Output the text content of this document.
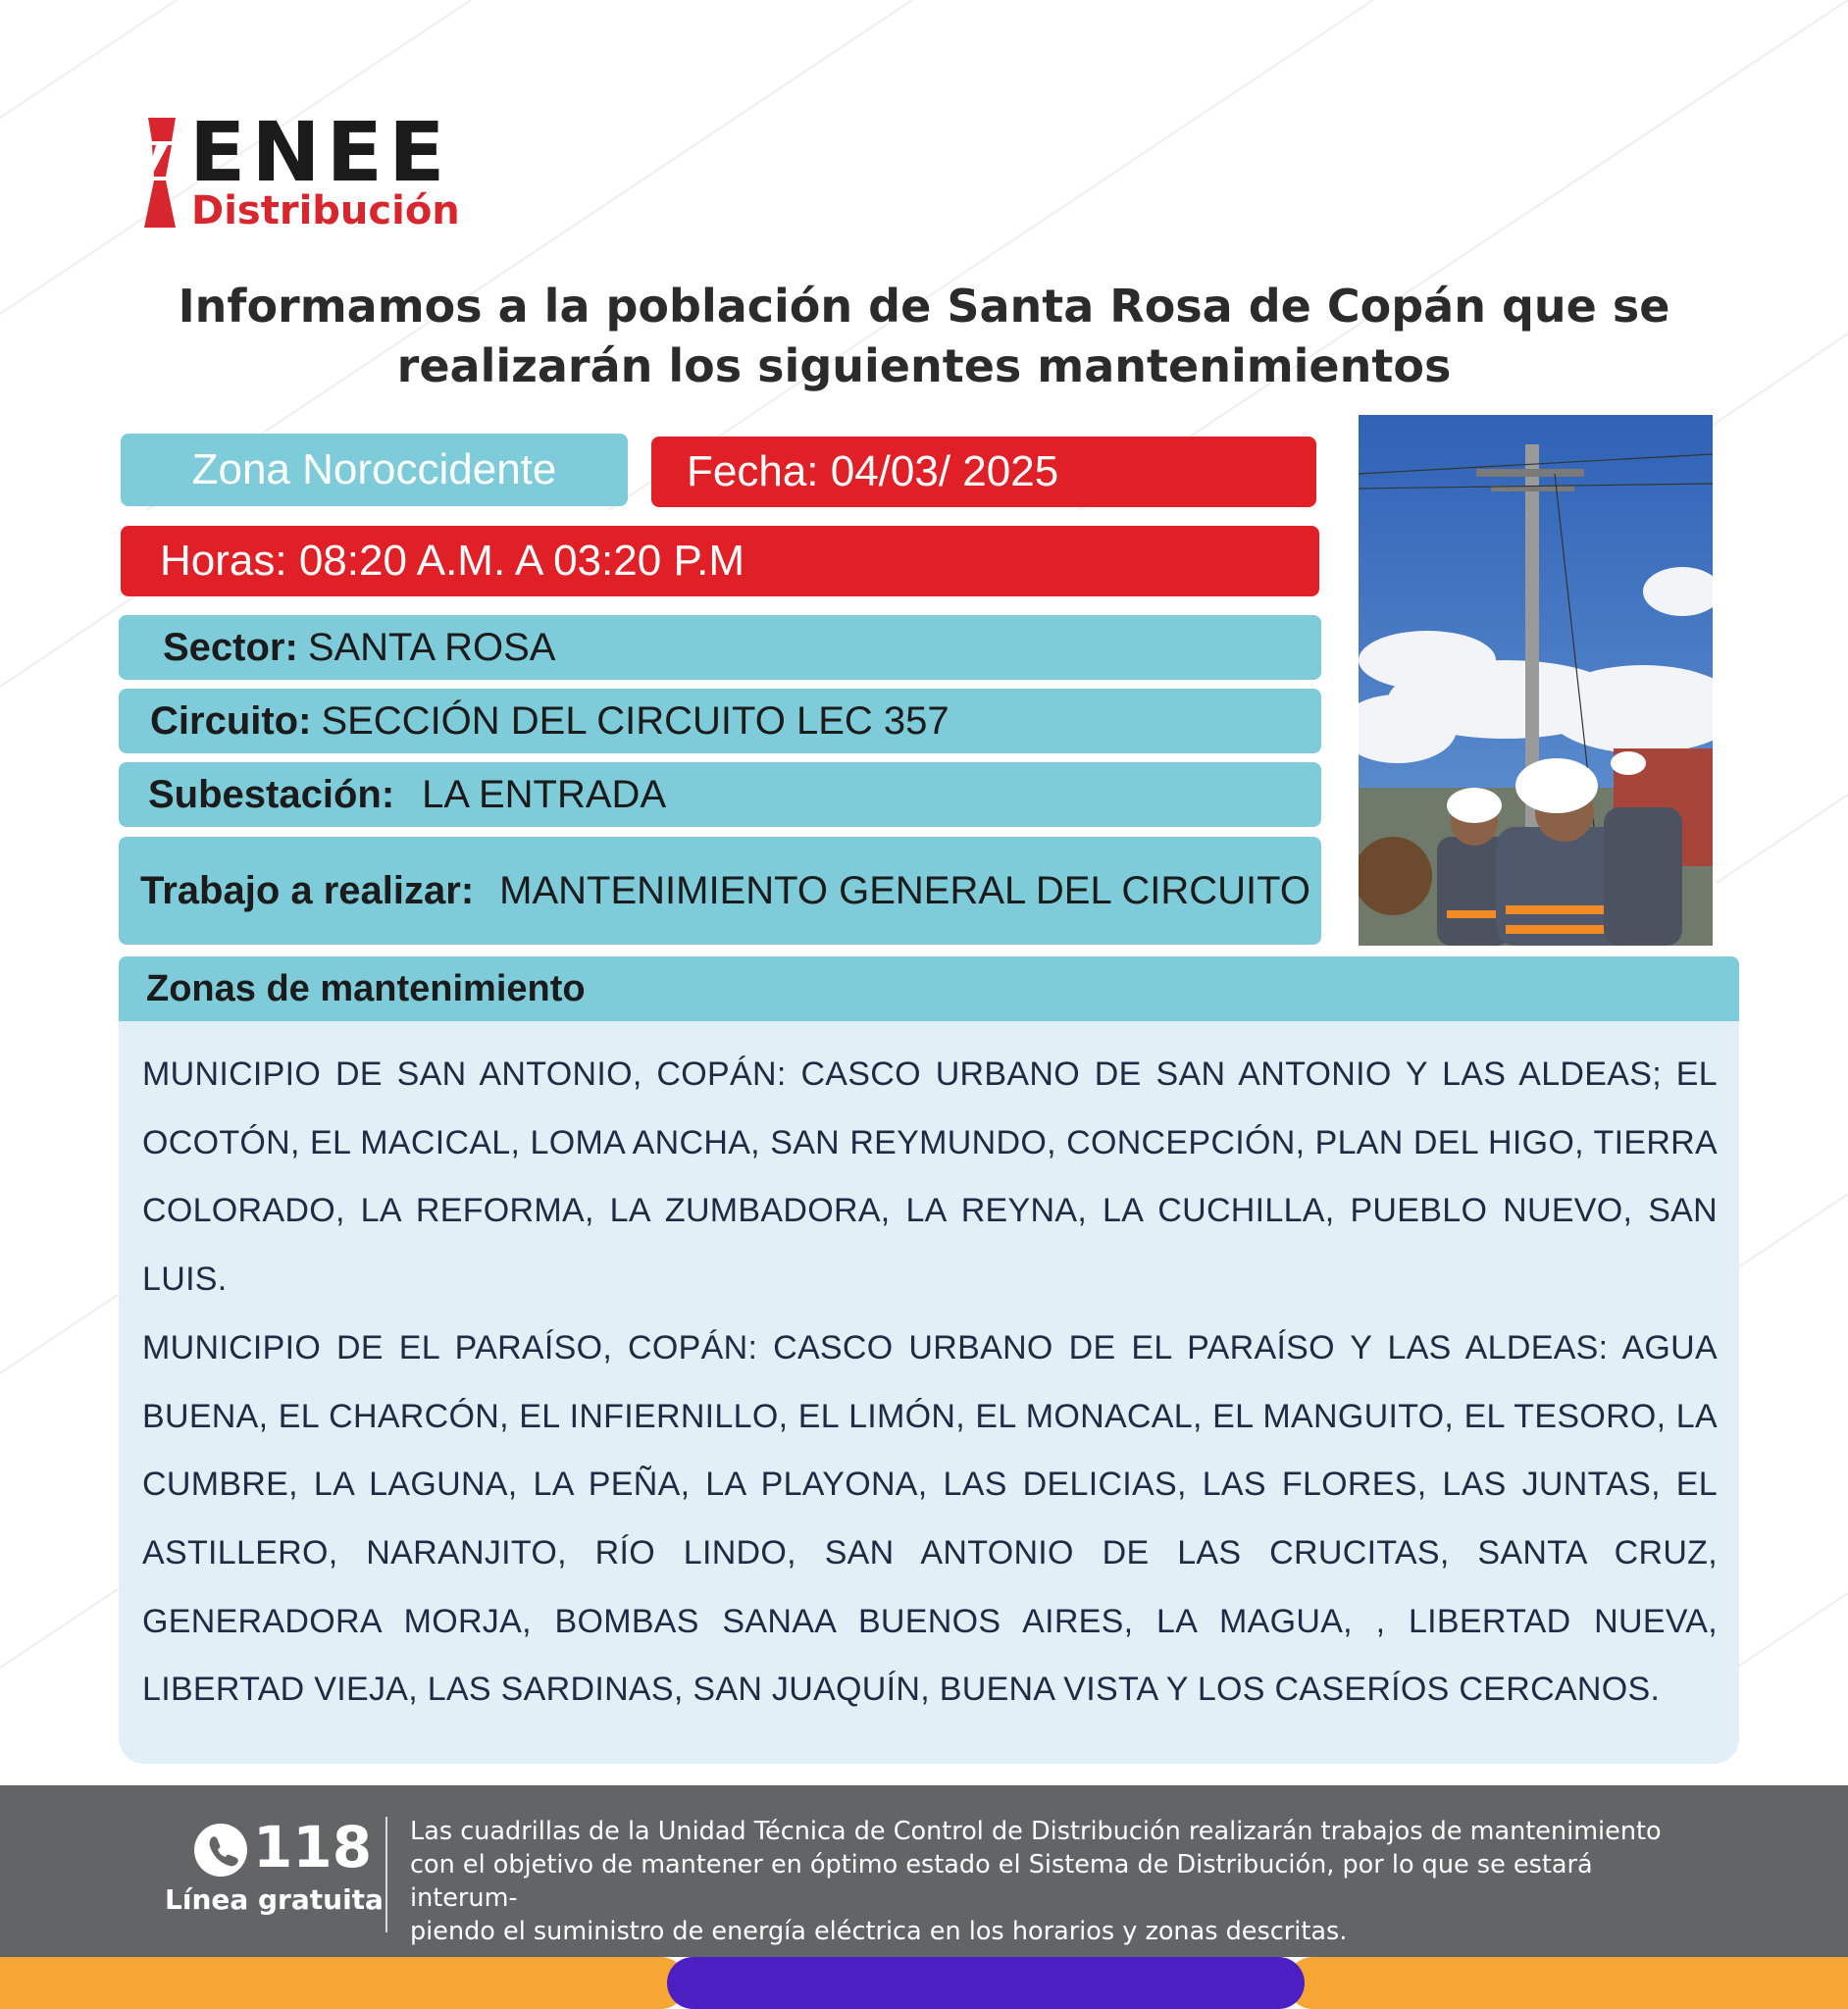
ENEE
Distribución
Informamos a la población de Santa Rosa de Copán que se
realizarán los siguientes mantenimientos
Zona Noroccidente	Fecha: 04/03/ 2025
Horas: 08:20 A.M. A 03:20 P.M
Sector: SANTA ROSA
Circuito: SECCIÓN DEL CIRCUITO LEC 357
Subestación: LA ENTRADA
Trabajo a realizar: MANTENIMIENTO GENERAL DEL CIRCUITO
Zonas de mantenimiento

MUNICIPIO DE SAN ANTONIO, COPÁN: CASCO URBANO DE SAN ANTONIO Y LAS ALDEAS; EL OCOTÓN, EL MACICAL, LOMA ANCHA, SAN REYMUNDO, CONCEPCIÓN, PLAN DEL HIGO, TIERRA COLORADO, LA REFORMA, LA ZUMBADORA, LA REYNA, LA CUCHILLA, PUEBLO NUEVO, SAN LUIS.

MUNICIPIO DE EL PARAÍSO, COPÁN: CASCO URBANO DE EL PARAÍSO Y LAS ALDEAS: AGUA BUENA, EL CHARCÓN, EL INFIERNILLO, EL LIMÓN, EL MONACAL, EL MANGUITO, EL TESORO, LA CUMBRE, LA LAGUNA, LA PEÑA, LA PLAYONA, LAS DELICIAS, LAS FLORES, LAS JUNTAS, EL ASTILLERO, NARANJITO, RÍO LINDO, SAN ANTONIO DE LAS CRUCITAS, SANTA CRUZ, GENERADORA MORJA, BOMBAS SANAA BUENOS AIRES, LA MAGUA, , LIBERTAD NUEVA, LIBERTAD VIEJA, LAS SARDINAS, SAN JUAQUÍN, BUENA VISTA Y LOS CASERÍOS CERCANOS.

118
Línea gratuita
Las cuadrillas de la Unidad Técnica de Control de Distribución realizarán trabajos de mantenimiento
con el objetivo de mantener en óptimo estado el Sistema de Distribución, por lo que se estará interum-
piendo el suministro de energía eléctrica en los horarios y zonas descritas.
